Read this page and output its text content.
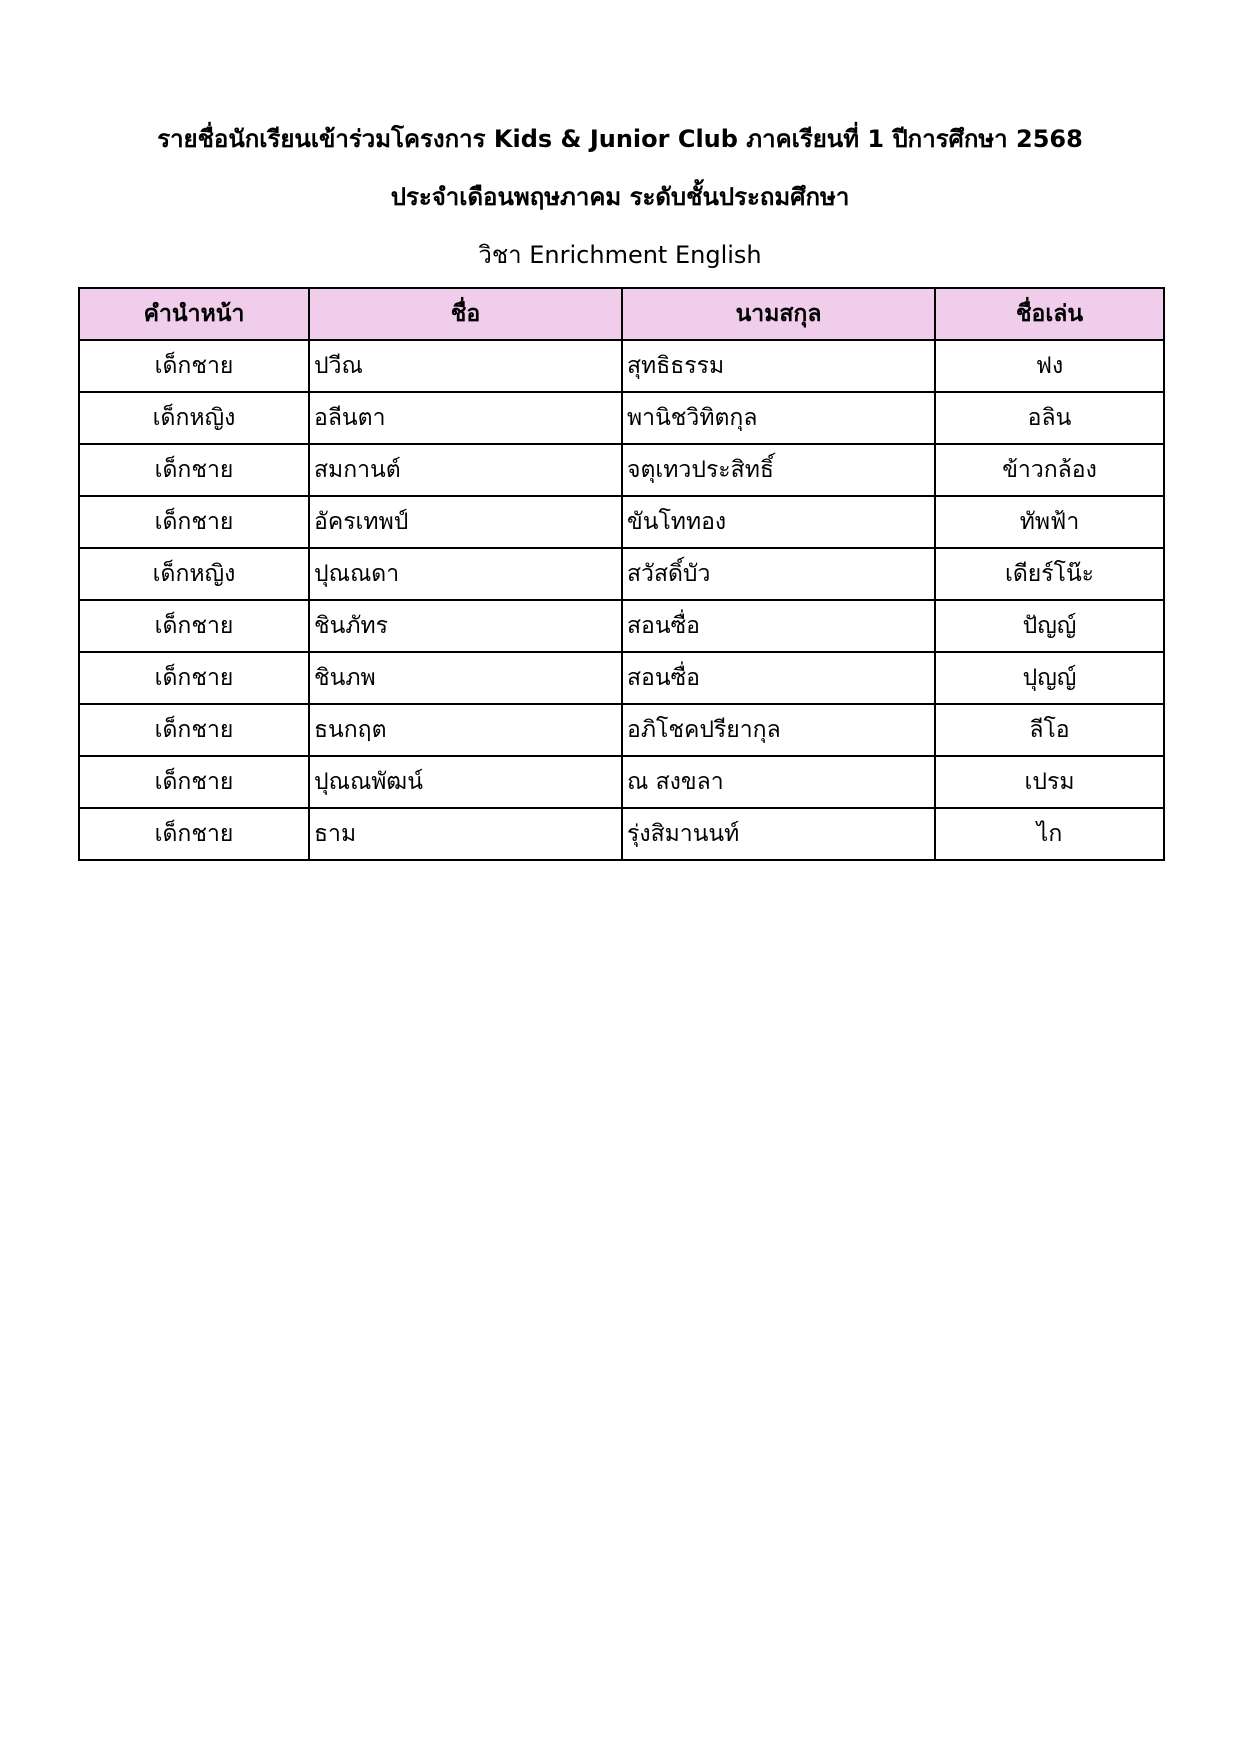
รายชื่อนักเรียนเข้าร่วมโครงการ Kids & Junior Club ภาคเรียนที่ 1 ปีการศึกษา 2568
ประจำเดือนพฤษภาคม ระดับชั้นประถมศึกษา
วิชา Enrichment English
คำนำหน้า	ชื่อ	นามสกุล	ชื่อเล่น
เด็กชาย	ปวีณ	สุทธิธรรม	ฟง
เด็กหญิง	อลีนตา	พานิชวิทิตกุล	อลิน
เด็กชาย	สมกานต์	จตุเทวประสิทธิ์	ข้าวกล้อง
เด็กชาย	อัครเทพป์	ขันโททอง	ทัพฟ้า
เด็กหญิง	ปุณณดา	สวัสดิ์บัว	เดียร์โน๊ะ
เด็กชาย	ชินภัทร	สอนซื่อ	ปัญญ์
เด็กชาย	ชินภพ	สอนซื่อ	ปุญญ์
เด็กชาย	ธนกฤต	อภิโชคปรียากุล	ลีโอ
เด็กชาย	ปุณณพัฒน์	ณ สงขลา	เปรม
เด็กชาย	ธาม	รุ่งสิมานนท์	ไก
